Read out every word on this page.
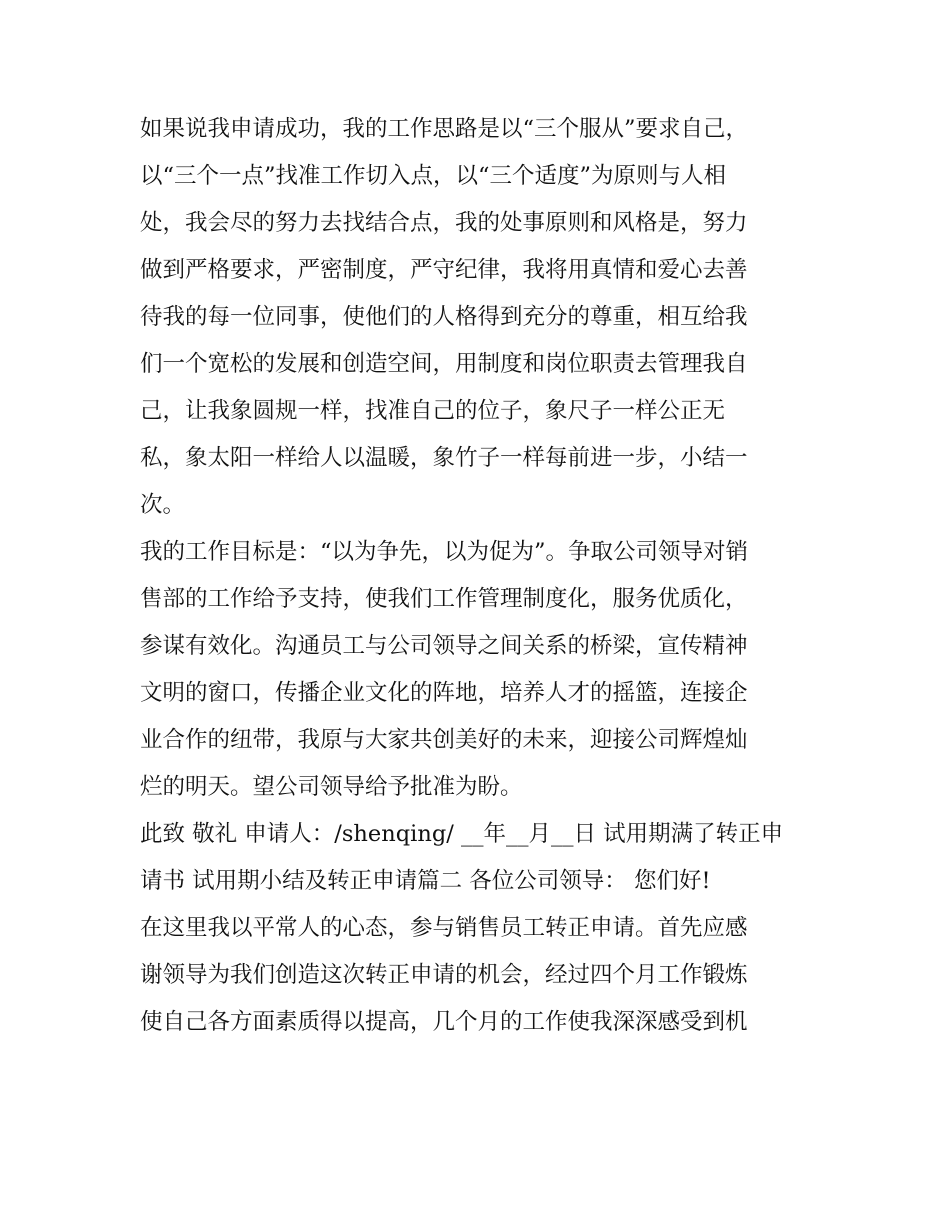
如果说我申请成功，我的工作思路是以“三个服从”要求自己，
以“三个一点”找准工作切入点，以“三个适度”为原则与人相
处，我会尽的努力去找结合点，我的处事原则和风格是，努力
做到严格要求，严密制度，严守纪律，我将用真情和爱心去善
待我的每一位同事，使他们的人格得到充分的尊重，相互给我
们一个宽松的发展和创造空间，用制度和岗位职责去管理我自
己，让我象圆规一样，找准自己的位子，象尺子一样公正无
私，象太阳一样给人以温暖，象竹子一样每前进一步，小结一
次。
我的工作目标是：“以为争先，以为促为”。争取公司领导对销
售部的工作给予支持，使我们工作管理制度化，服务优质化，
参谋有效化。沟通员工与公司领导之间关系的桥梁，宣传精神
文明的窗口，传播企业文化的阵地，培养人才的摇篮，连接企
业合作的纽带，我原与大家共创美好的未来，迎接公司辉煌灿
烂的明天。望公司领导给予批准为盼。
此致 敬礼 申请人：/shenqing/ __年__月__日 试用期满了转正申
请书 试用期小结及转正申请篇二 各位公司领导： 您们好!
在这里我以平常人的心态，参与销售员工转正申请。首先应感
谢领导为我们创造这次转正申请的机会，经过四个月工作锻炼
使自己各方面素质得以提高，几个月的工作使我深深感受到机
